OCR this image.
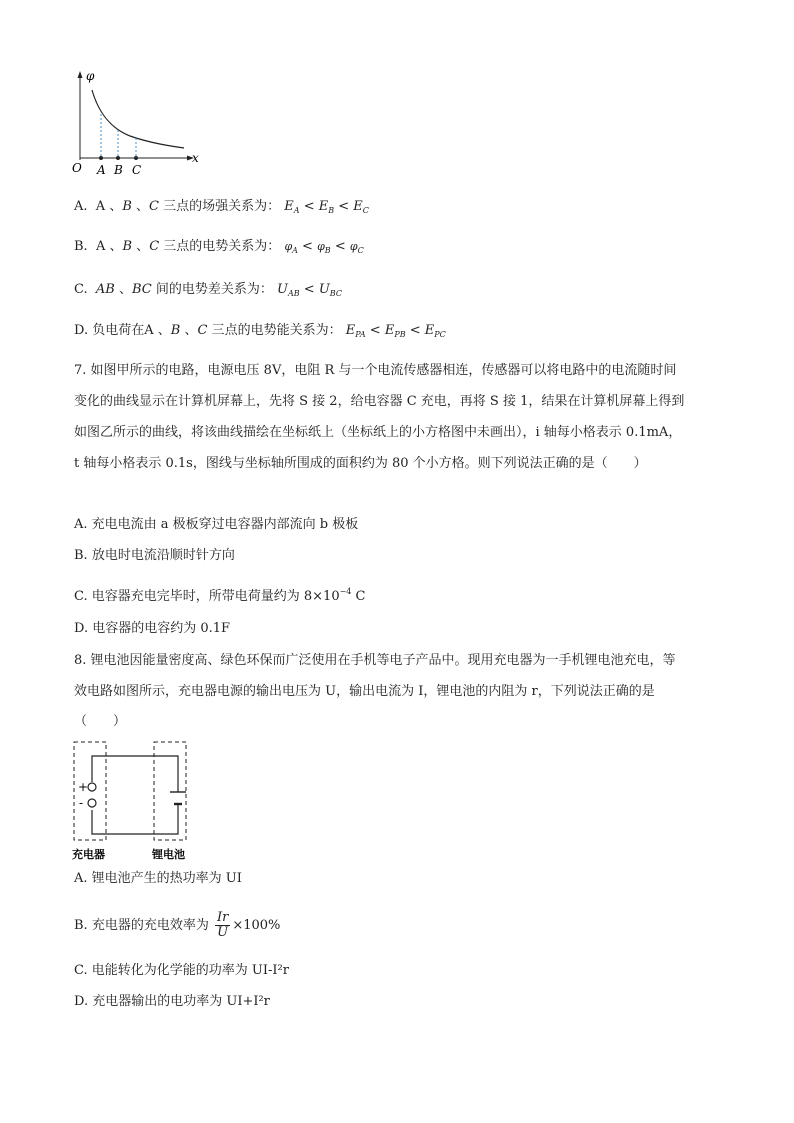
φ
x
O A B C
A.  A 、B 、C 三点的场强关系为： $E_A < E_B < E_C$
B.  A 、B 、C 三点的电势关系为： $\varphi_A < \varphi_B < \varphi_C$
C. AB 、BC 间的电势差关系为： $U_{AB} < U_{BC}$
D. 负电荷在A 、B 、C 三点的电势能关系为： $E_{PA} < E_{PB} < E_{PC}$
7. 如图甲所示的电路，电源电压 8V，电阻 R 与一个电流传感器相连，传感器可以将电路中的电流随时间
变化的曲线显示在计算机屏幕上，先将 S 接 2，给电容器 C 充电，再将 S 接 1，结果在计算机屏幕上得到
如图乙所示的曲线，将该曲线描绘在坐标纸上（坐标纸上的小方格图中未画出），i 轴每小格表示 0.1mA，
t 轴每小格表示 0.1s，图线与坐标轴所围成的面积约为 80 个小方格。则下列说法正确的是（　　）
A. 充电电流由 a 极板穿过电容器内部流向 b 极板
B. 放电时电流沿顺时针方向
C. 电容器充电完毕时，所带电荷量约为 $8\times 10^{-4}$ C
D. 电容器的电容约为 0.1F
8. 锂电池因能量密度高、绿色环保而广泛使用在手机等电子产品中。现用充电器为一手机锂电池充电，等
效电路如图所示，充电器电源的输出电压为 U，输出电流为 I，锂电池的内阻为 r，下列说法正确的是
（　　）
+
-
充电器	锂电池
A. 锂电池产生的热功率为 UI
B. 充电器的充电效率为 $\frac{Ir}{U} \times 100\%$
C. 电能转化为化学能的功率为 UI-I²r
D. 充电器输出的电功率为 UI+I²r
